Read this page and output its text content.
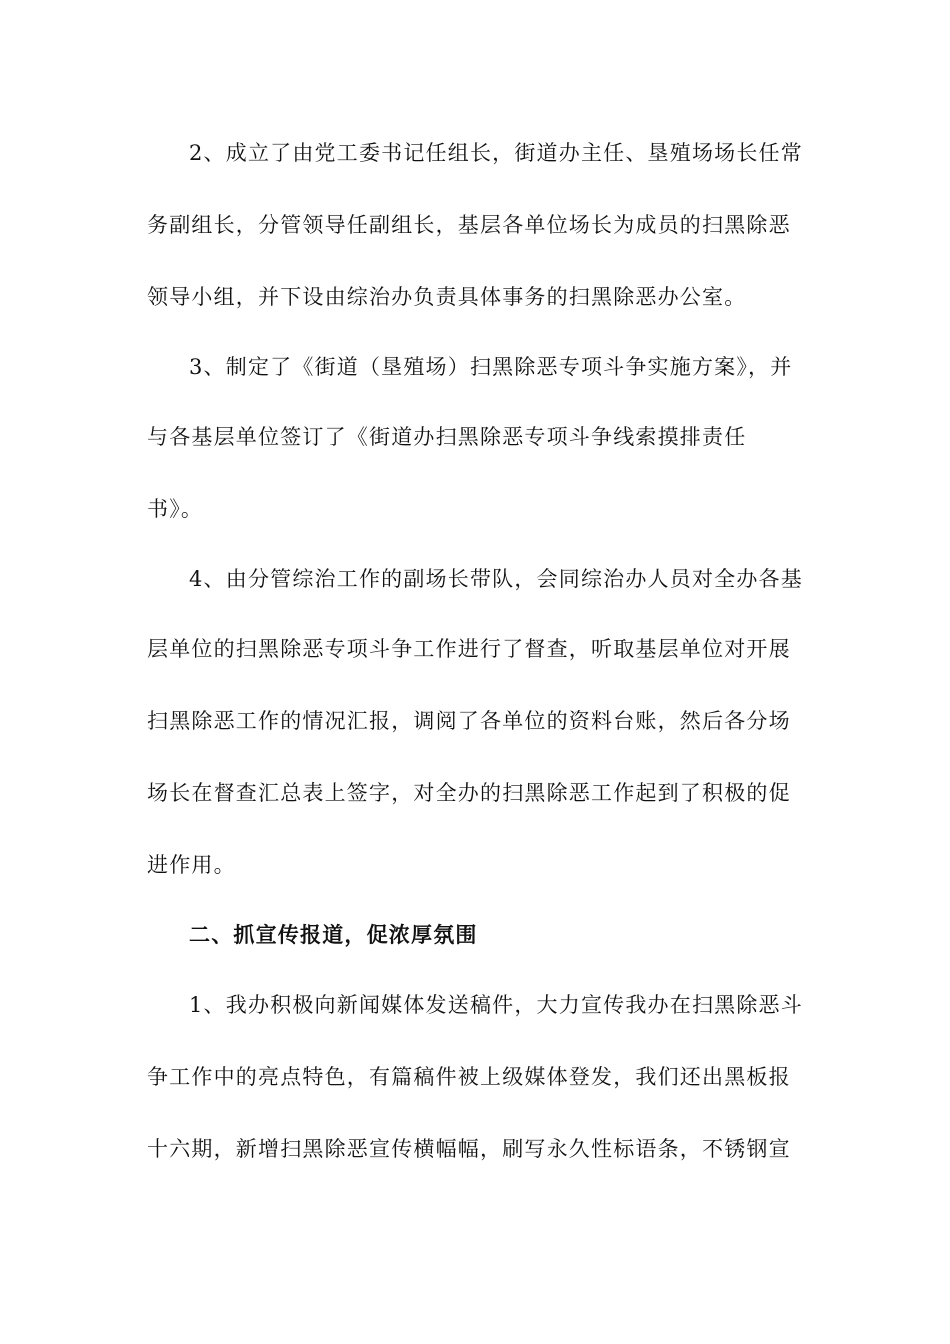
2、成立了由党工委书记任组长，街道办主任、垦殖场场长任常
务副组长，分管领导任副组长，基层各单位场长为成员的扫黑除恶
领导小组，并下设由综治办负责具体事务的扫黑除恶办公室。
3、制定了《街道（垦殖场）扫黑除恶专项斗争实施方案》，并
与各基层单位签订了《街道办扫黑除恶专项斗争线索摸排责任
书》。
4、由分管综治工作的副场长带队，会同综治办人员对全办各基
层单位的扫黑除恶专项斗争工作进行了督查，听取基层单位对开展
扫黑除恶工作的情况汇报，调阅了各单位的资料台账，然后各分场
场长在督查汇总表上签字，对全办的扫黑除恶工作起到了积极的促
进作用。
二、抓宣传报道，促浓厚氛围
1、我办积极向新闻媒体发送稿件，大力宣传我办在扫黑除恶斗
争工作中的亮点特色，有篇稿件被上级媒体登发，我们还出黑板报
十六期，新增扫黑除恶宣传横幅幅，刷写永久性标语条，不锈钢宣
